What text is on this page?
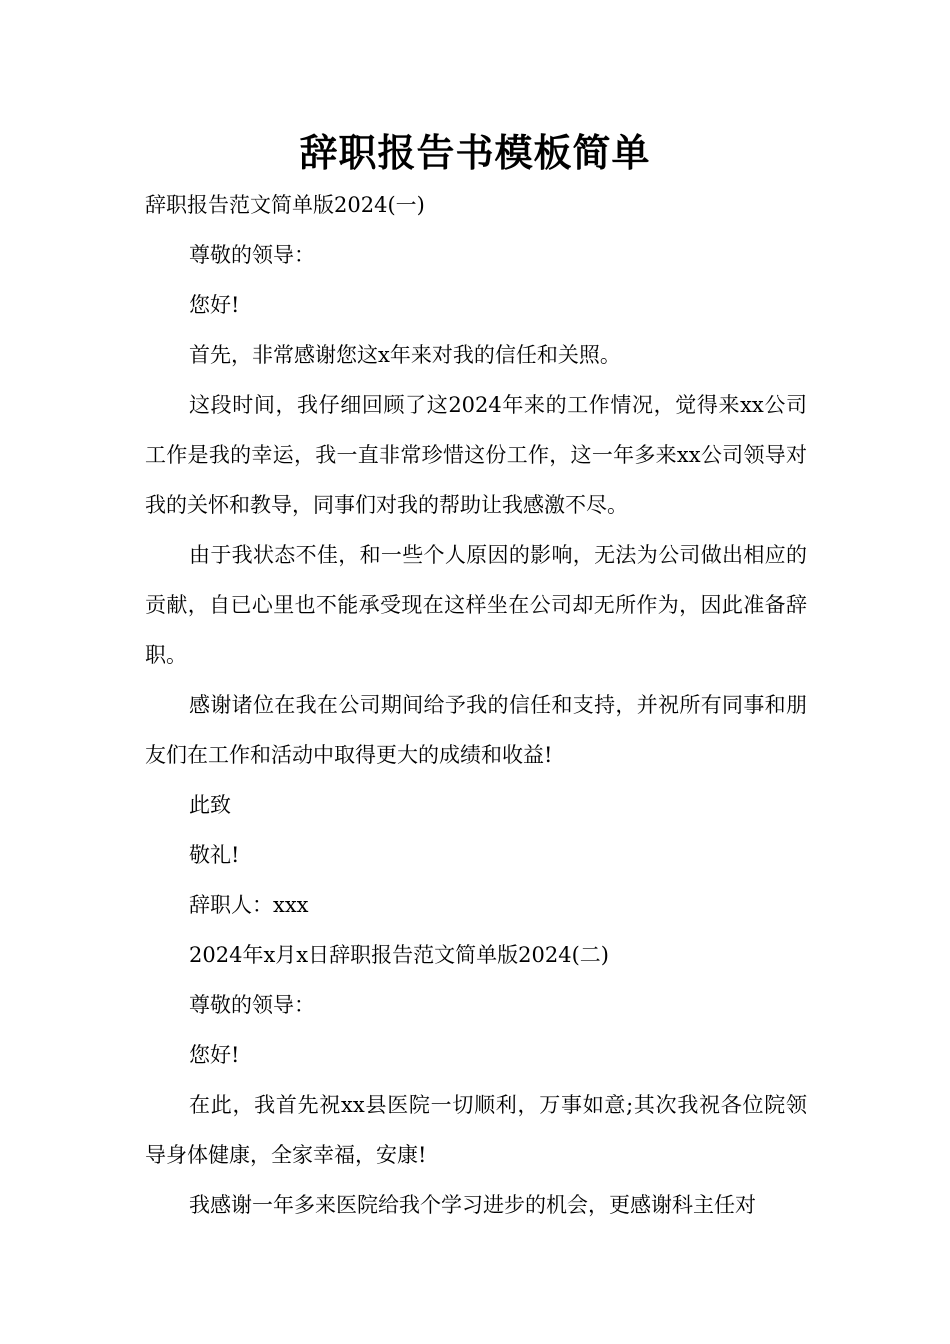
辞职报告书模板简单

辞职报告范文简单版2024(一)

尊敬的领导：

您好!

首先，非常感谢您这x年来对我的信任和关照。

这段时间，我仔细回顾了这2024年来的工作情况，觉得来xx公司工作是我的幸运，我一直非常珍惜这份工作，这一年多来xx公司领导对我的关怀和教导，同事们对我的帮助让我感激不尽。

由于我状态不佳，和一些个人原因的影响，无法为公司做出相应的贡献，自已心里也不能承受现在这样坐在公司却无所作为，因此准备辞职。

感谢诸位在我在公司期间给予我的信任和支持，并祝所有同事和朋友们在工作和活动中取得更大的成绩和收益!

此致

敬礼!

辞职人：xxx

2024年x月x日辞职报告范文简单版2024(二)

尊敬的领导：

您好!

在此，我首先祝xx县医院一切顺利，万事如意;其次我祝各位院领导身体健康，全家幸福，安康!

我感谢一年多来医院给我个学习进步的机会，更感谢科主任对
